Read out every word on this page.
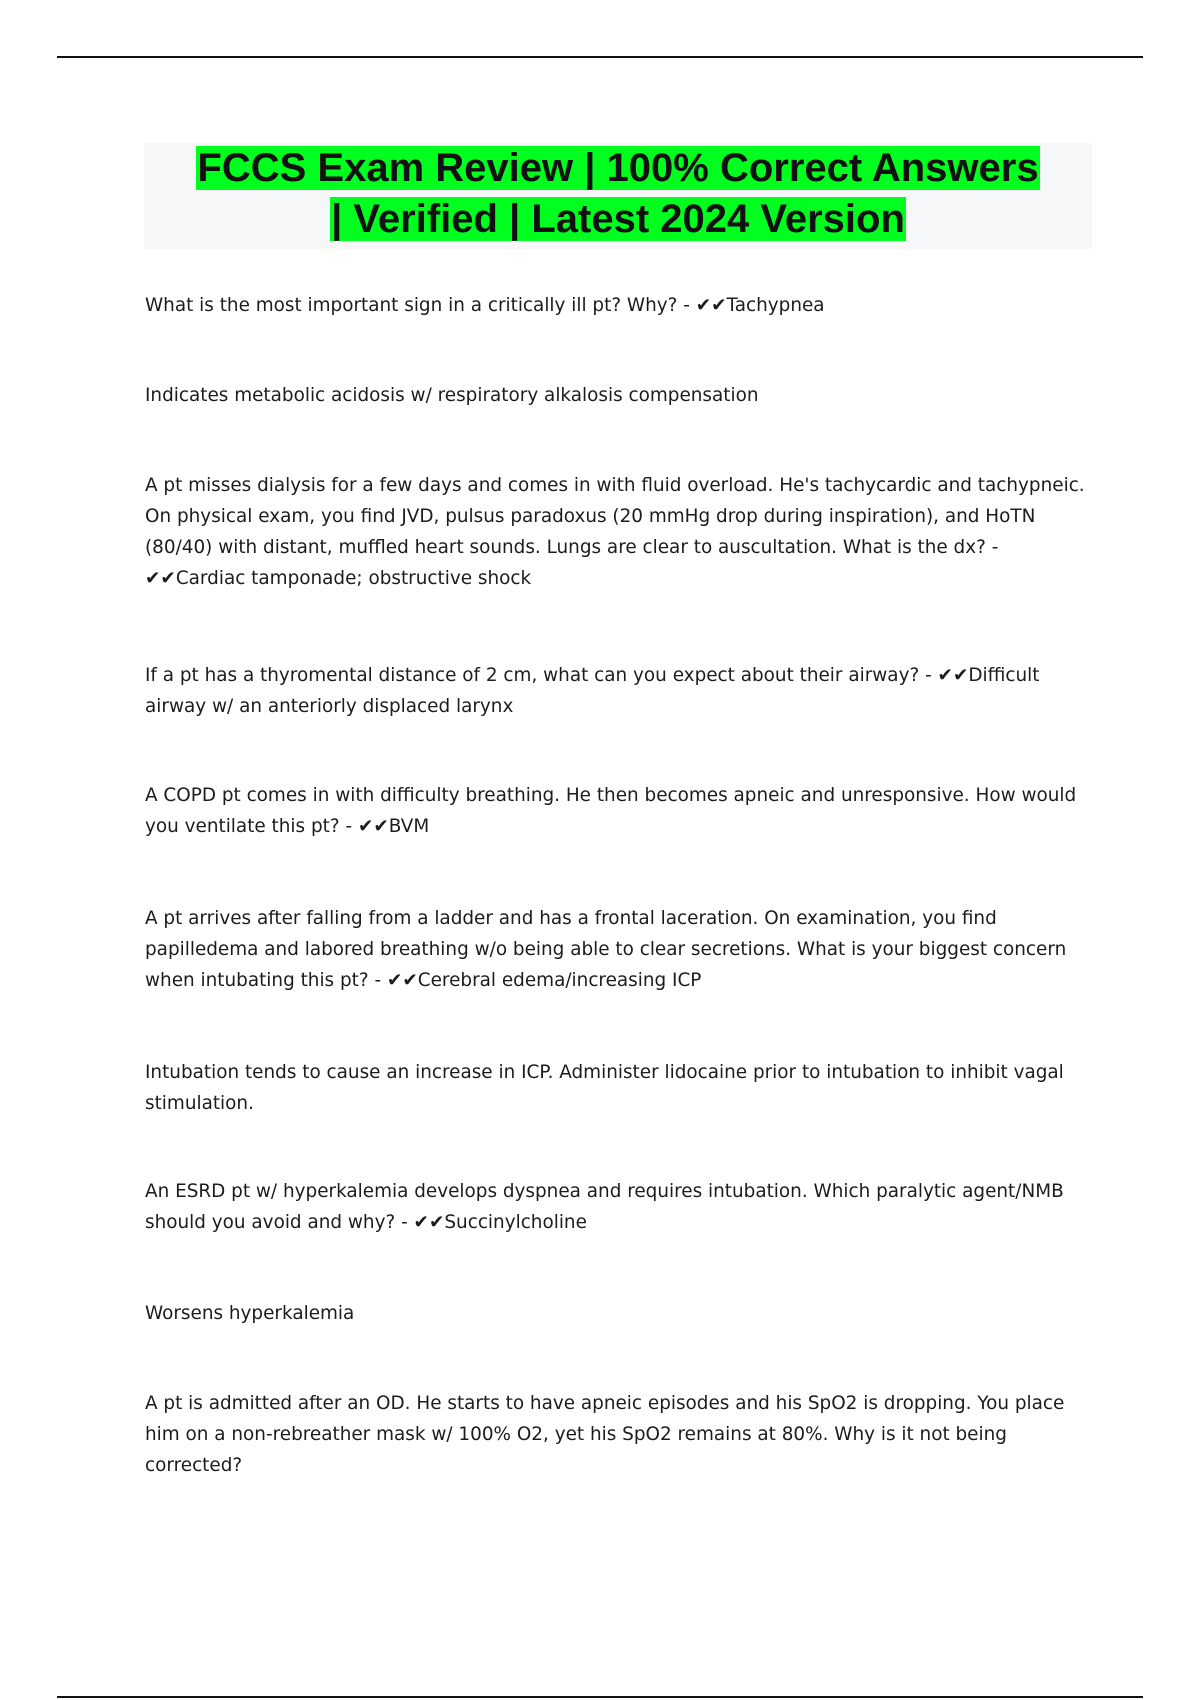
FCCS Exam Review | 100% Correct Answers
| Verified | Latest 2024 Version
What is the most important sign in a critically ill pt? Why? - ✔✔Tachypnea
Indicates metabolic acidosis w/ respiratory alkalosis compensation
A pt misses dialysis for a few days and comes in with fluid overload. He's tachycardic and tachypneic. On physical exam, you find JVD, pulsus paradoxus (20 mmHg drop during inspiration), and HoTN (80/40) with distant, muffled heart sounds. Lungs are clear to auscultation. What is the dx? - ✔✔Cardiac tamponade; obstructive shock
If a pt has a thyromental distance of 2 cm, what can you expect about their airway? - ✔✔Difficult airway w/ an anteriorly displaced larynx
A COPD pt comes in with difficulty breathing. He then becomes apneic and unresponsive. How would you ventilate this pt? - ✔✔BVM
A pt arrives after falling from a ladder and has a frontal laceration. On examination, you find papilledema and labored breathing w/o being able to clear secretions. What is your biggest concern when intubating this pt? - ✔✔Cerebral edema/increasing ICP
Intubation tends to cause an increase in ICP. Administer lidocaine prior to intubation to inhibit vagal stimulation.
An ESRD pt w/ hyperkalemia develops dyspnea and requires intubation. Which paralytic agent/NMB should you avoid and why? - ✔✔Succinylcholine
Worsens hyperkalemia
A pt is admitted after an OD. He starts to have apneic episodes and his SpO2 is dropping. You place him on a non-rebreather mask w/ 100% O2, yet his SpO2 remains at 80%. Why is it not being corrected?
